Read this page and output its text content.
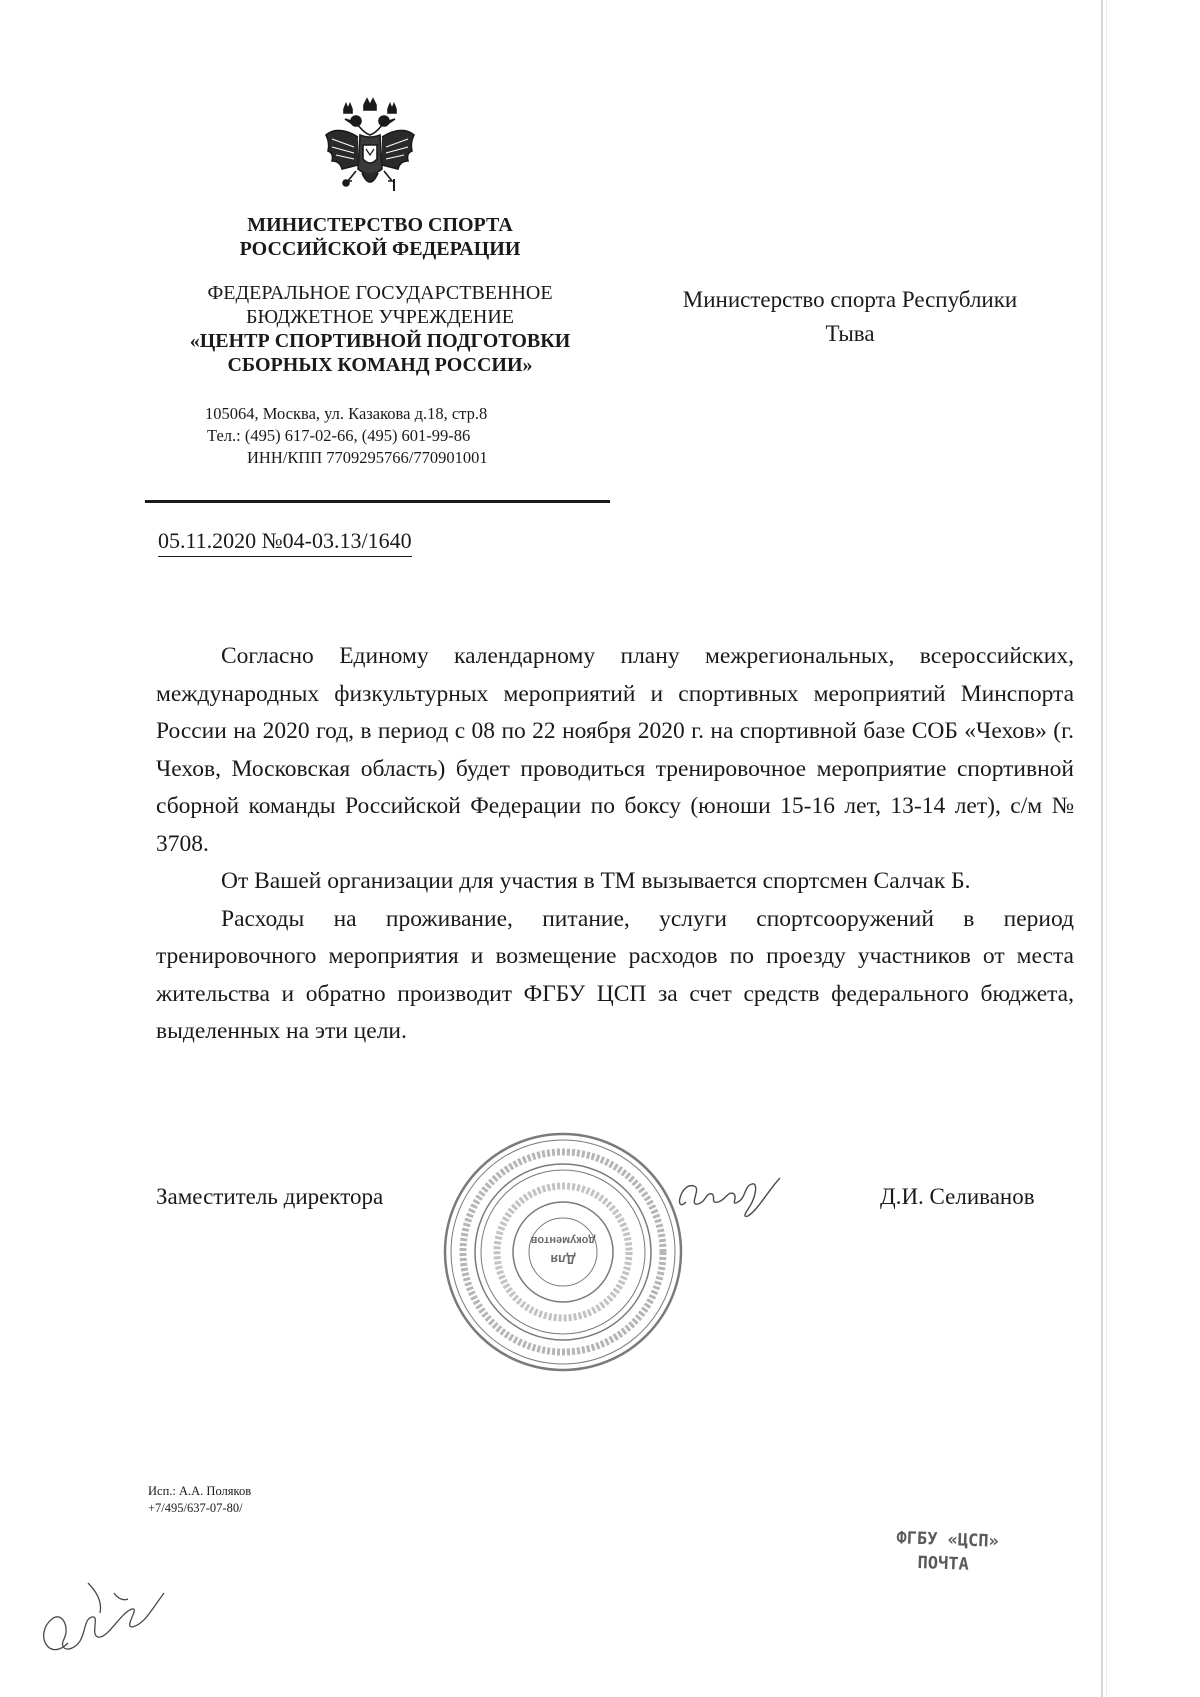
МИНИСТЕРСТВО СПОРТА
РОССИЙСКОЙ ФЕДЕРАЦИИ
ФЕДЕРАЛЬНОЕ ГОСУДАРСТВЕННОЕ
БЮДЖЕТНОЕ УЧРЕЖДЕНИЕ
«ЦЕНТР СПОРТИВНОЙ ПОДГОТОВКИ
СБОРНЫХ КОМАНД РОССИИ»
105064, Москва, ул. Казакова д.18, стр.8
Тел.: (495) 617-02-66, (495) 601-99-86
ИНН/КПП 7709295766/770901001
05.11.2020 №04-03.13/1640
Министерство спорта Республики
Тыва

Согласно Единому календарному плану межрегиональных, всероссийских, международных физкультурных мероприятий и спортивных мероприятий Минспорта России на 2020 год, в период с 08 по 22 ноября 2020 г. на спортивной базе СОБ «Чехов» (г. Чехов, Московская область) будет проводиться тренировочное мероприятие спортивной сборной команды Российской Федерации по боксу (юноши 15-16 лет, 13-14 лет), с/м № 3708.

От Вашей организации для участия в ТМ вызывается спортсмен Салчак Б.

Расходы на проживание, питание, услуги спортсооружений в период тренировочного мероприятия и возмещение расходов по проезду участников от места жительства и обратно производит ФГБУ ЦСП за счет средств федерального бюджета, выделенных на эти цели.

Для
документов
Заместитель директора	Д.И. Селиванов
Исп.: А.А. Поляков
+7/495/637-07-80/
ФГБУ «ЦСП»
ПОЧТА
